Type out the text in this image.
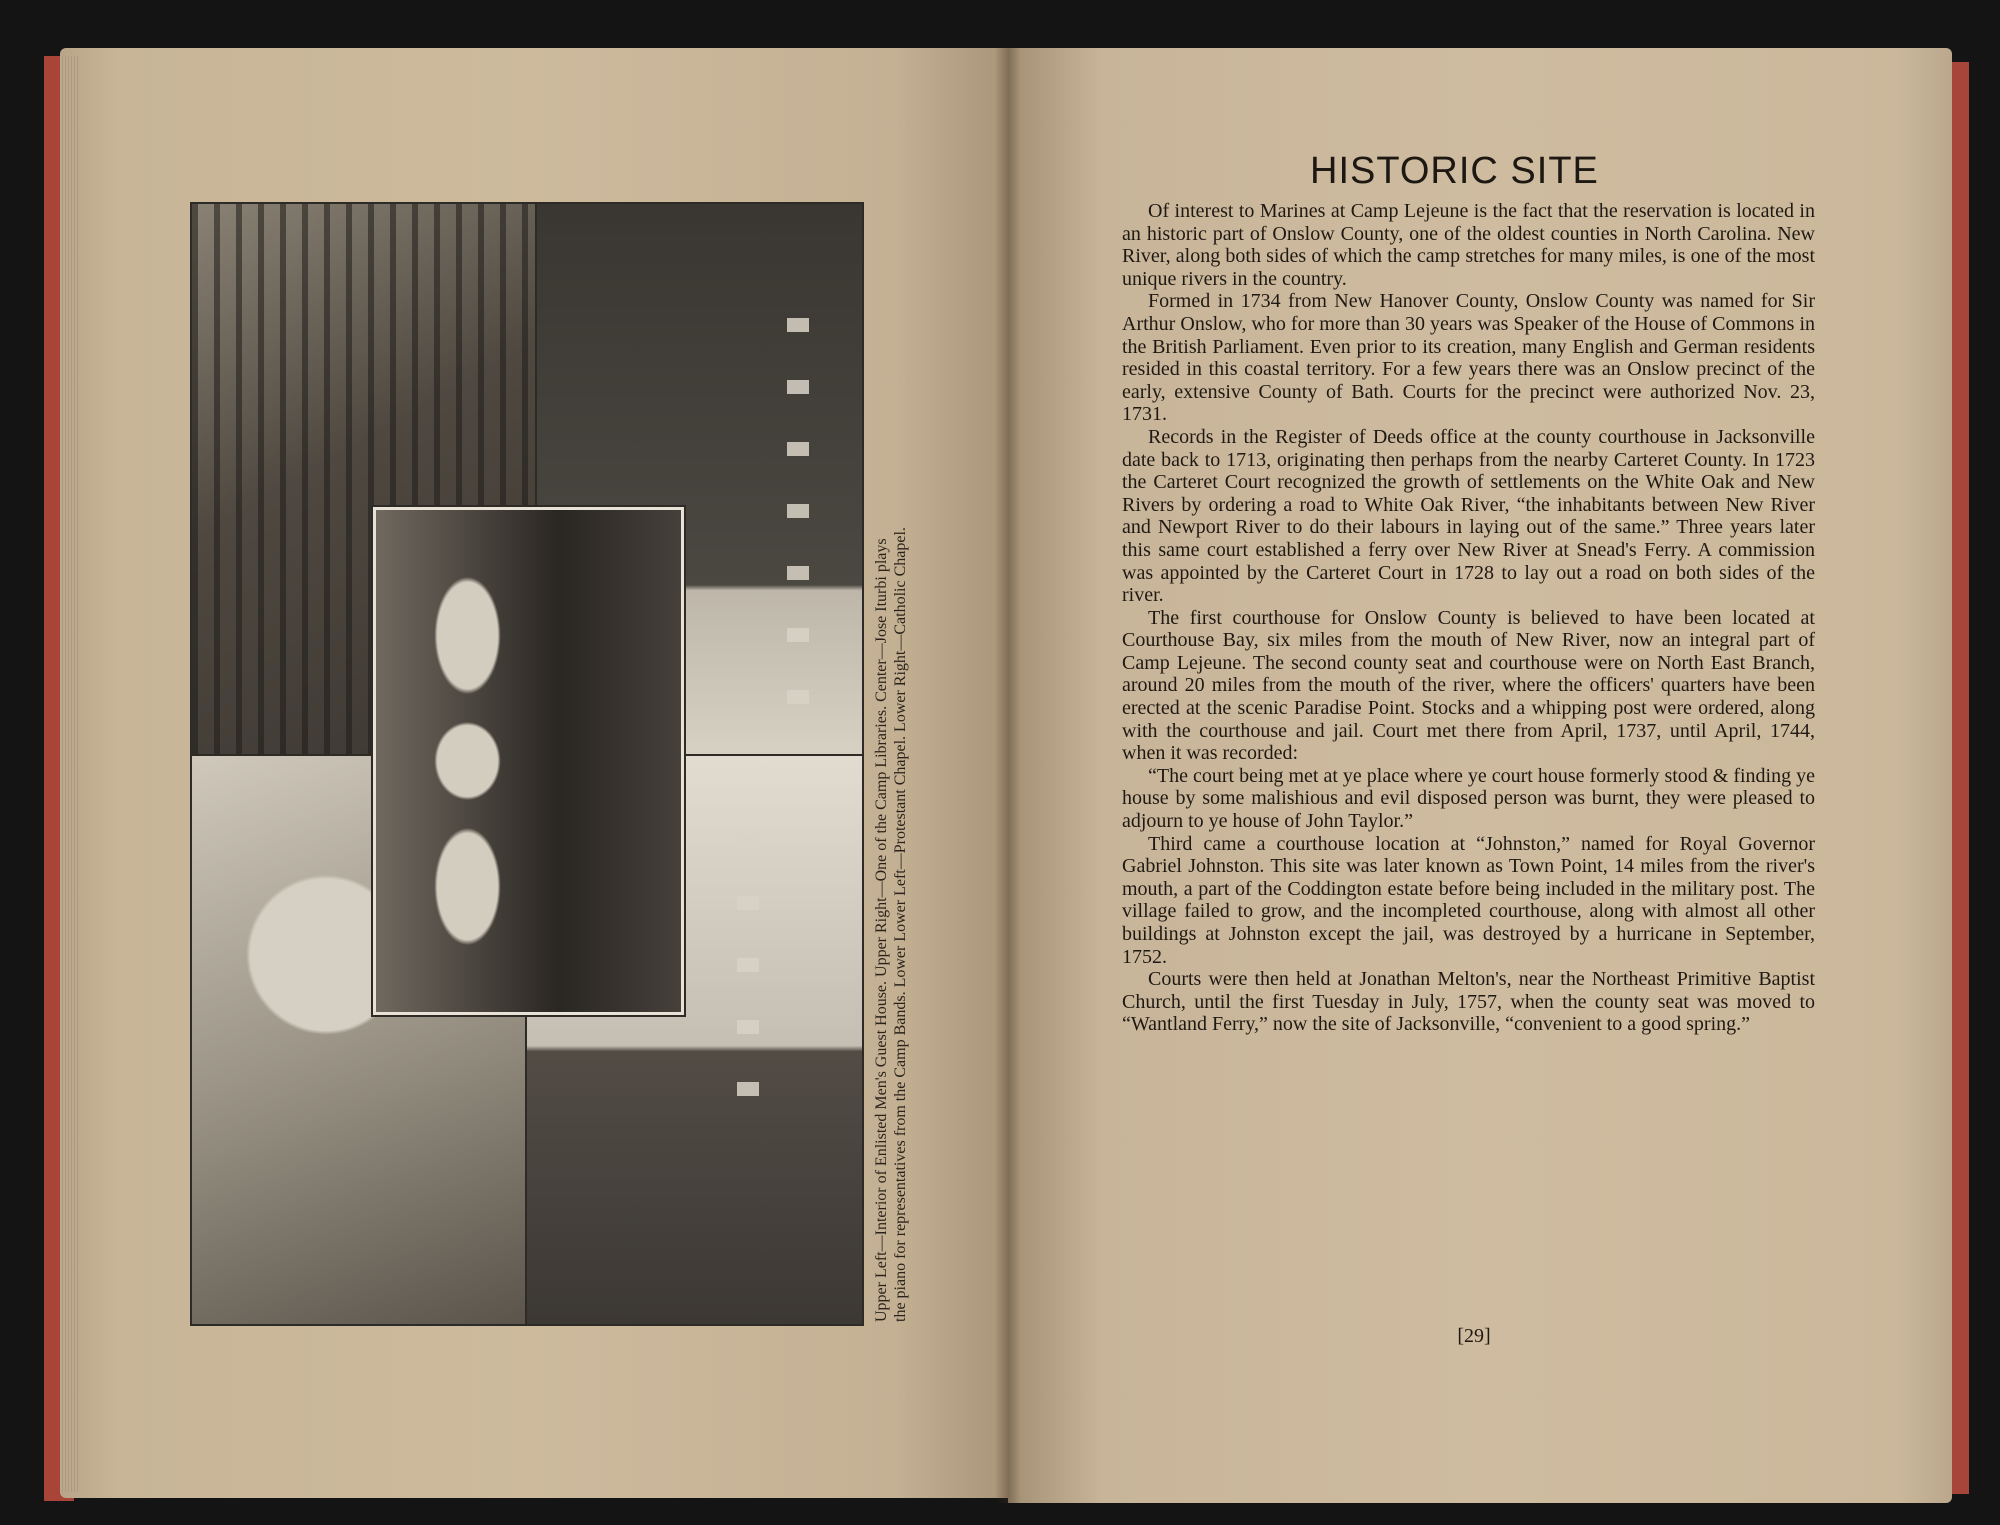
Upper Left—Interior of Enlisted Men's Guest House. Upper Right—One of the Camp Libraries. Center—Jose Iturbi plays the piano for representatives from the Camp Bands. Lower Lower Left—Protestant Chapel. Lower Right—Catholic Chapel.

HISTORIC SITE

Of interest to Marines at Camp Lejeune is the fact that the reservation is located in an historic part of Onslow County, one of the oldest counties in North Carolina. New River, along both sides of which the camp stretches for many miles, is one of the most unique rivers in the country.

Formed in 1734 from New Hanover County, Onslow County was named for Sir Arthur Onslow, who for more than 30 years was Speaker of the House of Commons in the British Parliament. Even prior to its creation, many English and German residents resided in this coastal territory. For a few years there was an Onslow precinct of the early, extensive County of Bath. Courts for the precinct were authorized Nov. 23, 1731.

Records in the Register of Deeds office at the county courthouse in Jacksonville date back to 1713, originating then perhaps from the nearby Carteret County. In 1723 the Carteret Court recognized the growth of settlements on the White Oak and New Rivers by ordering a road to White Oak River, “the inhabitants between New River and Newport River to do their labours in laying out of the same.” Three years later this same court established a ferry over New River at Snead's Ferry. A commission was appointed by the Carteret Court in 1728 to lay out a road on both sides of the river.

The first courthouse for Onslow County is believed to have been located at Courthouse Bay, six miles from the mouth of New River, now an integral part of Camp Lejeune. The second county seat and courthouse were on North East Branch, around 20 miles from the mouth of the river, where the officers' quarters have been erected at the scenic Paradise Point. Stocks and a whipping post were ordered, along with the courthouse and jail. Court met there from April, 1737, until April, 1744, when it was recorded:

“The court being met at ye place where ye court house formerly stood & finding ye house by some malishious and evil disposed person was burnt, they were pleased to adjourn to ye house of John Taylor.”

Third came a courthouse location at “Johnston,” named for Royal Governor Gabriel Johnston. This site was later known as Town Point, 14 miles from the river's mouth, a part of the Coddington estate before being included in the military post. The village failed to grow, and the incompleted courthouse, along with almost all other buildings at Johnston except the jail, was destroyed by a hurricane in September, 1752.

Courts were then held at Jonathan Melton's, near the Northeast Primitive Baptist Church, until the first Tuesday in July, 1757, when the county seat was moved to “Wantland Ferry,” now the site of Jacksonville, “convenient to a good spring.”

[29]
